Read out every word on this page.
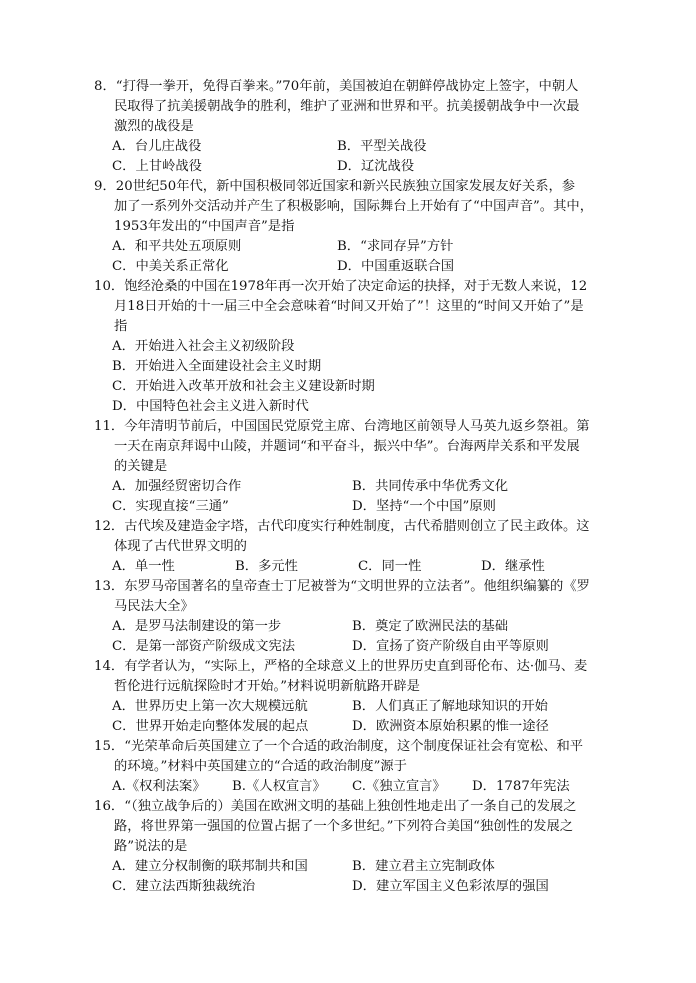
8．“打得一拳开，免得百拳来。”70年前，美国被迫在朝鲜停战协定上签字，中朝人
民取得了抗美援朝战争的胜利，维护了亚洲和世界和平。抗美援朝战争中一次最
激烈的战役是
A．台儿庄战役	B．平型关战役
C．上甘岭战役	D．辽沈战役
9．20世纪50年代，新中国积极同邻近国家和新兴民族独立国家发展友好关系，参
加了一系列外交活动并产生了积极影响，国际舞台上开始有了“中国声音”。其中，
1953年发出的“中国声音”是指
A．和平共处五项原则	B．“求同存异”方针
C．中美关系正常化	D．中国重返联合国
10．饱经沧桑的中国在1978年再一次开始了决定命运的抉择，对于无数人来说，12
月18日开始的十一届三中全会意味着“时间又开始了”！这里的“时间又开始了”是
指
A．开始进入社会主义初级阶段
B．开始进入全面建设社会主义时期
C．开始进入改革开放和社会主义建设新时期
D．中国特色社会主义进入新时代
11．今年清明节前后，中国国民党原党主席、台湾地区前领导人马英九返乡祭祖。第
一天在南京拜谒中山陵，并题词“和平奋斗，振兴中华”。台海两岸关系和平发展
的关键是
A．加强经贸密切合作	B．共同传承中华优秀文化
C．实现直接“三通”	D．坚持“一个中国”原则
12．古代埃及建造金字塔，古代印度实行种姓制度，古代希腊则创立了民主政体。这
体现了古代世界文明的
A．单一性	B．多元性	C．同一性	D．继承性
13．东罗马帝国著名的皇帝查士丁尼被誉为“文明世界的立法者”。他组织编纂的《罗
马民法大全》
A．是罗马法制建设的第一步	B．奠定了欧洲民法的基础
C．是第一部资产阶级成文宪法	D．宣扬了资产阶级自由平等原则
14．有学者认为，“实际上，严格的全球意义上的世界历史直到哥伦布、达·伽马、麦
哲伦进行远航探险时才开始。”材料说明新航路开辟是
A．世界历史上第一次大规模远航	B．人们真正了解地球知识的开始
C．世界开始走向整体发展的起点	D．欧洲资本原始积累的惟一途径
15．“光荣革命后英国建立了一个合适的政治制度，这个制度保证社会有宽松、和平
的环境。”材料中英国建立的“合适的政治制度”源于
A.《权利法案》	B.《人权宣言》	C.《独立宣言》	D．1787年宪法
16．“（独立战争后的）美国在欧洲文明的基础上独创性地走出了一条自己的发展之
路，将世界第一强国的位置占据了一个多世纪。”下列符合美国“独创性的发展之
路”说法的是
A．建立分权制衡的联邦制共和国	B．建立君主立宪制政体
C．建立法西斯独裁统治	D．建立军国主义色彩浓厚的强国
